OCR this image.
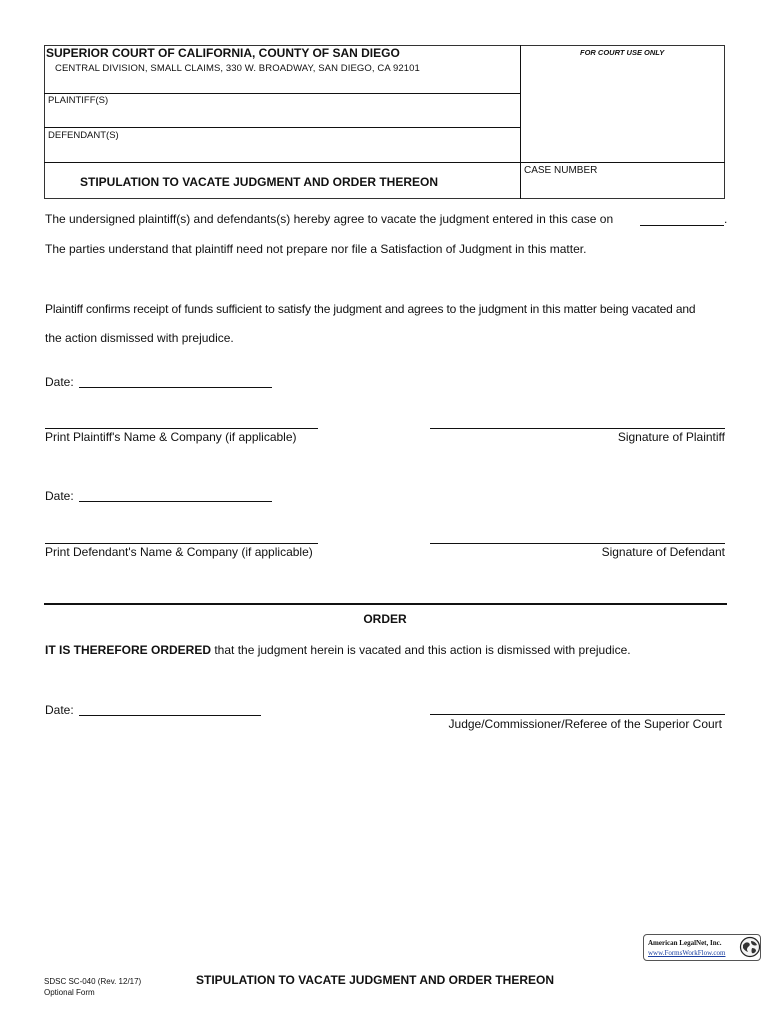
SUPERIOR COURT OF CALIFORNIA, COUNTY OF SAN DIEGO
CENTRAL DIVISION, SMALL CLAIMS, 330 W. BROADWAY, SAN DIEGO, CA 92101
FOR COURT USE ONLY
PLAINTIFF(S)
DEFENDANT(S)
CASE NUMBER
STIPULATION TO VACATE JUDGMENT AND ORDER THEREON
The undersigned plaintiff(s) and defendants(s) hereby agree to vacate the judgment entered in this case on	.
The parties understand that plaintiff need not prepare nor file a Satisfaction of Judgment in this matter.
Plaintiff confirms receipt of funds sufficient to satisfy the judgment and agrees to the judgment in this matter being vacated and
the action dismissed with prejudice.
Date:
Print Plaintiff's Name & Company (if applicable)	Signature of Plaintiff
Date:
Print Defendant's Name & Company (if applicable)	Signature of Defendant
ORDER
IT IS THEREFORE ORDERED that the judgment herein is vacated and this action is dismissed with prejudice.
Date:
Judge/Commissioner/Referee of the Superior Court
American LegalNet, Inc.
www.FormsWorkFlow.com
SDSC SC-040 (Rev. 12/17)
Optional Form
STIPULATION TO VACATE JUDGMENT AND ORDER THEREON
